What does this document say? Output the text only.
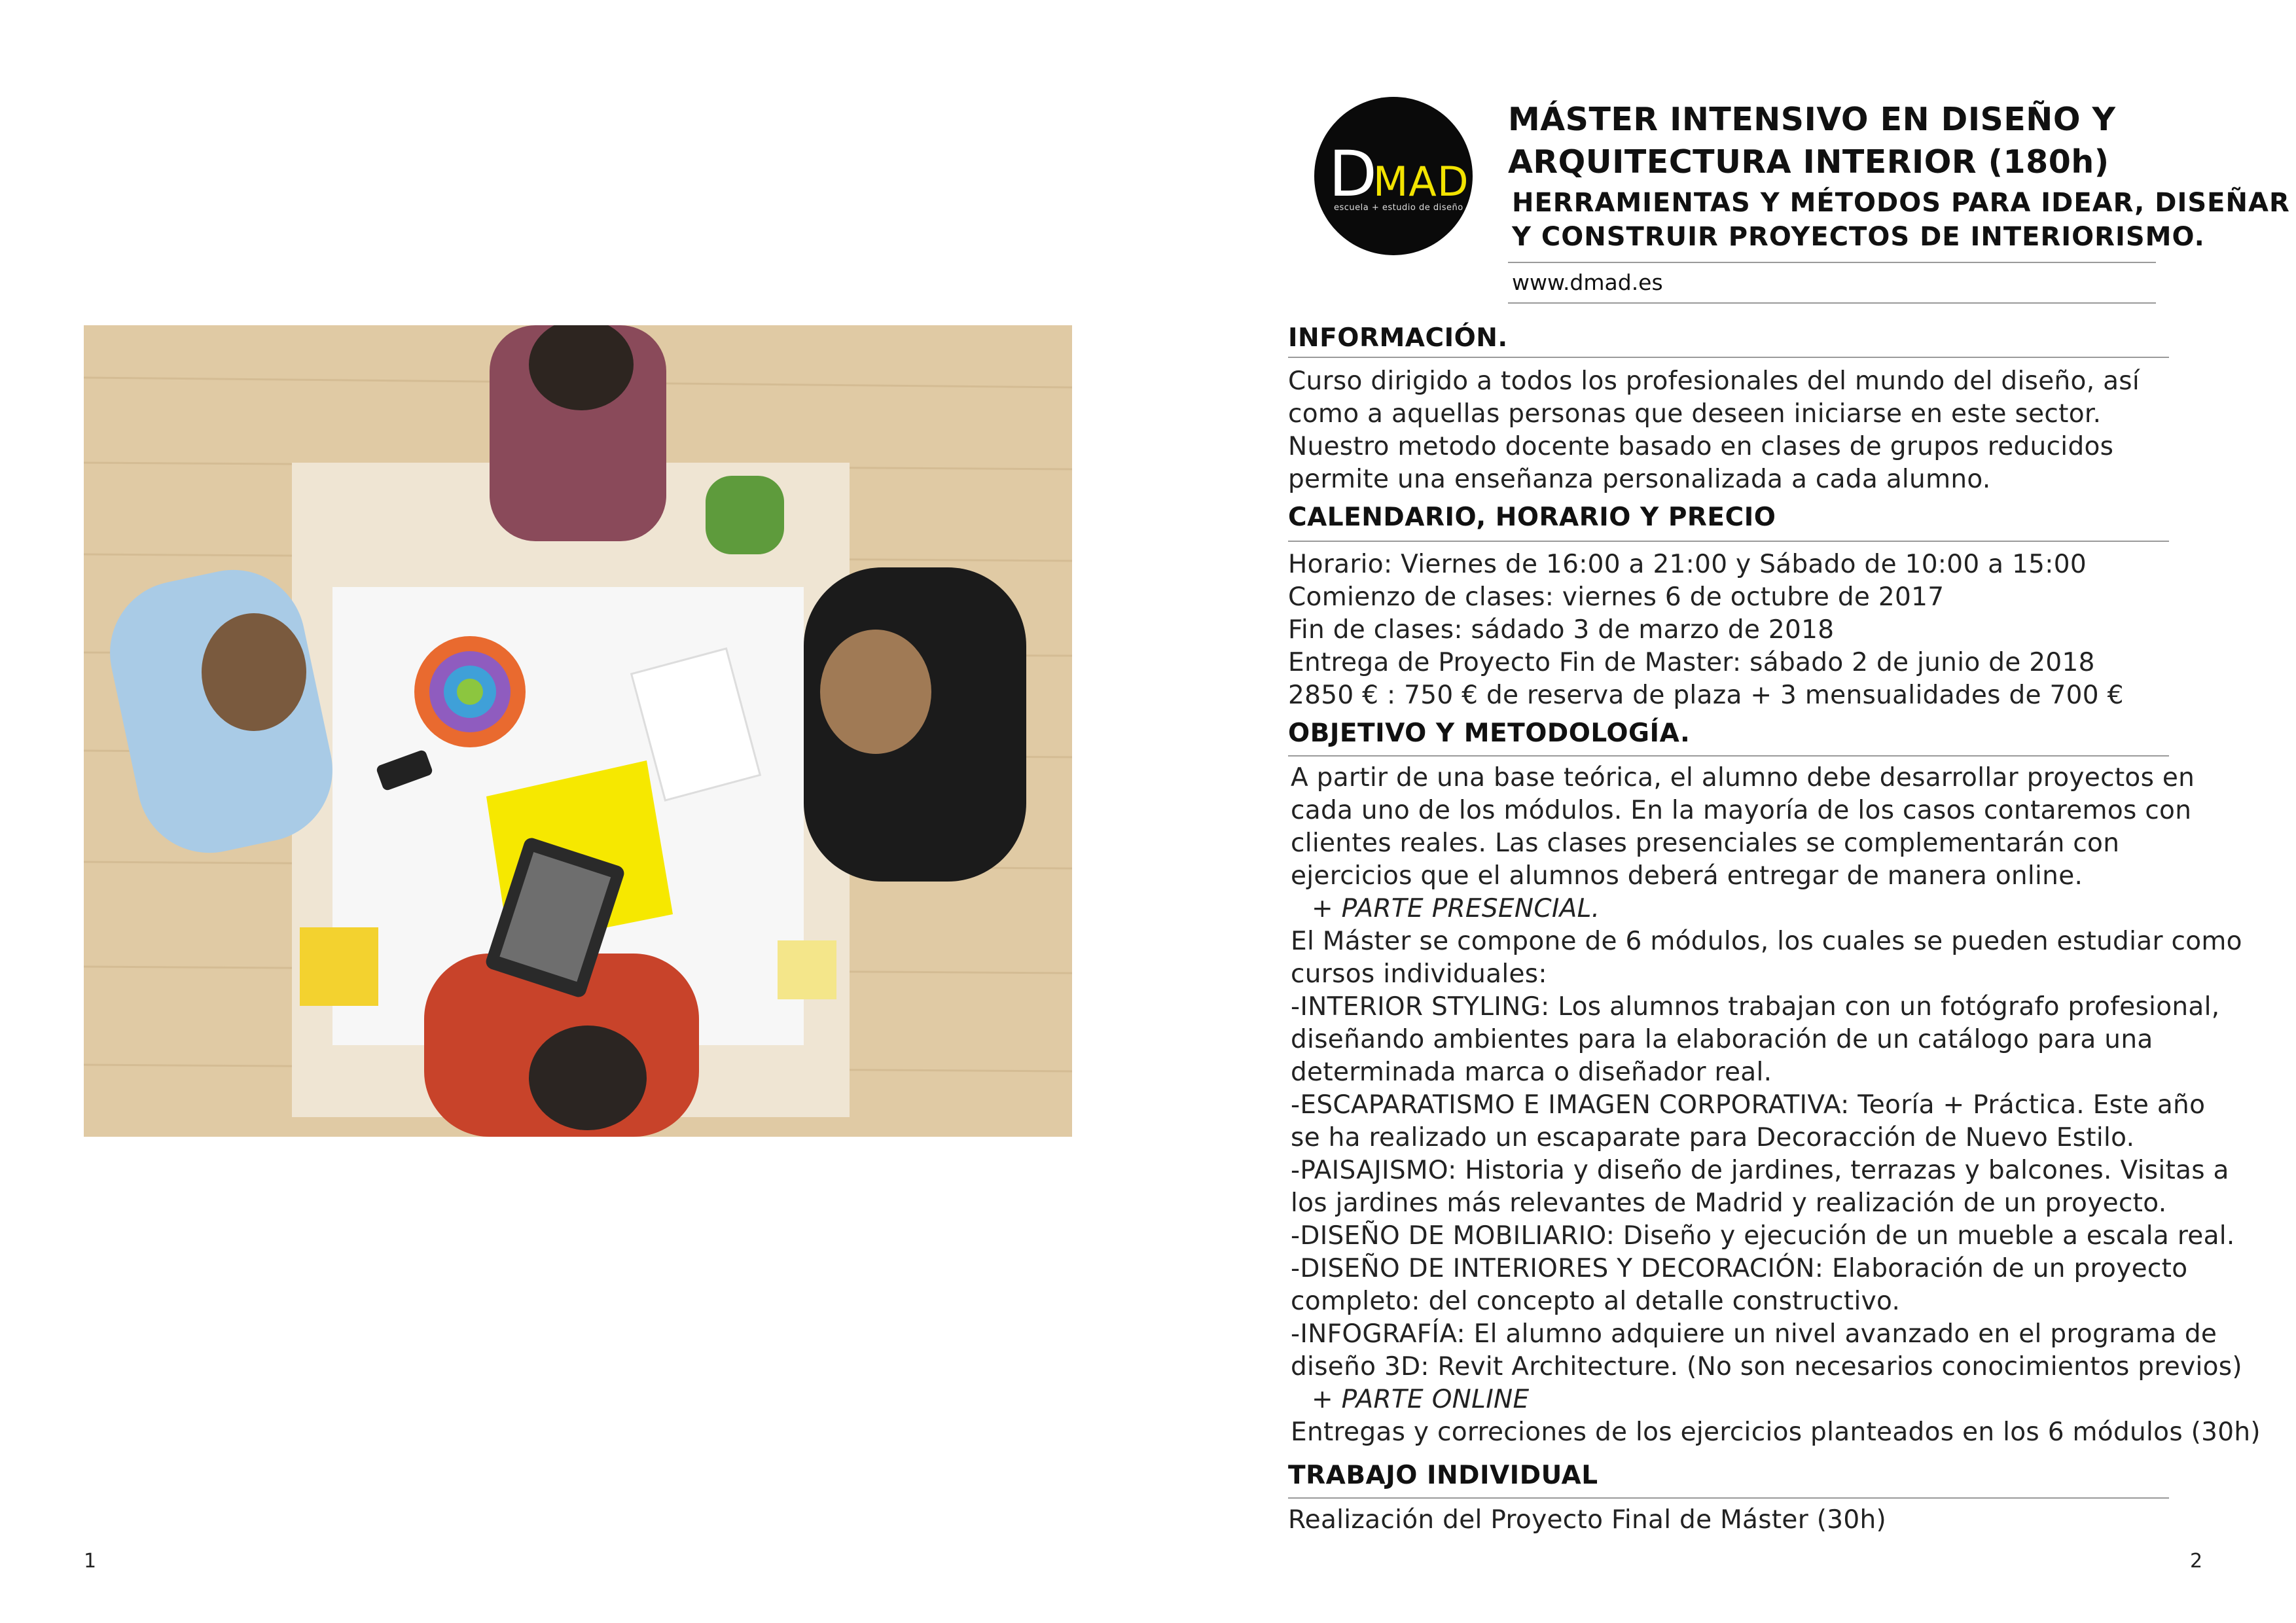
1
DMAD
escuela + estudio de diseño
MÁSTER INTENSIVO EN DISEÑO Y
ARQUITECTURA INTERIOR (180h)
HERRAMIENTAS Y MÉTODOS PARA IDEAR, DISEÑAR
Y CONSTRUIR PROYECTOS DE INTERIORISMO.
www.dmad.es
INFORMACIÓN.

Curso dirigido a todos los profesionales del mundo del diseño, así

como a aquellas personas que deseen iniciarse en este sector.

Nuestro metodo docente basado en clases de grupos reducidos

permite una enseñanza personalizada a cada alumno.

CALENDARIO, HORARIO Y PRECIO

Horario: Viernes de 16:00 a 21:00 y Sábado de 10:00 a 15:00

Comienzo de clases: viernes 6 de octubre de 2017

Fin de clases: sádado 3 de marzo de 2018

Entrega de Proyecto Fin de Master: sábado 2 de junio de 2018

2850 € : 750 € de reserva de plaza + 3 mensualidades de 700 €

OBJETIVO Y METODOLOGÍA.

A partir de una base teórica, el alumno debe desarrollar proyectos en

cada uno de los módulos. En la mayoría de los casos contaremos con

clientes reales. Las clases presenciales se complementarán con

ejercicios que el alumnos deberá entregar de manera online.

+ PARTE PRESENCIAL.

El Máster se compone de 6 módulos, los cuales se pueden estudiar como

cursos individuales:

-INTERIOR STYLING: Los alumnos trabajan con un fotógrafo profesional,

diseñando ambientes para la elaboración de un catálogo para una

determinada marca o diseñador real.

-ESCAPARATISMO E IMAGEN CORPORATIVA: Teoría + Práctica. Este año

se ha realizado un escaparate para Decoracción de Nuevo Estilo.

-PAISAJISMO: Historia y diseño de jardines, terrazas y balcones. Visitas a

los jardines más relevantes de Madrid y realización de un proyecto.

-DISEÑO DE MOBILIARIO: Diseño y ejecución de un mueble a escala real.

-DISEÑO DE INTERIORES Y DECORACIÓN: Elaboración de un proyecto

completo: del concepto al detalle constructivo.

-INFOGRAFÍA: El alumno adquiere un nivel avanzado en el programa de

diseño 3D: Revit Architecture. (No son necesarios conocimientos previos)

+ PARTE ONLINE

Entregas y correciones de los ejercicios planteados en los 6 módulos (30h)

TRABAJO INDIVIDUAL

Realización del Proyecto Final de Máster (30h)

2
